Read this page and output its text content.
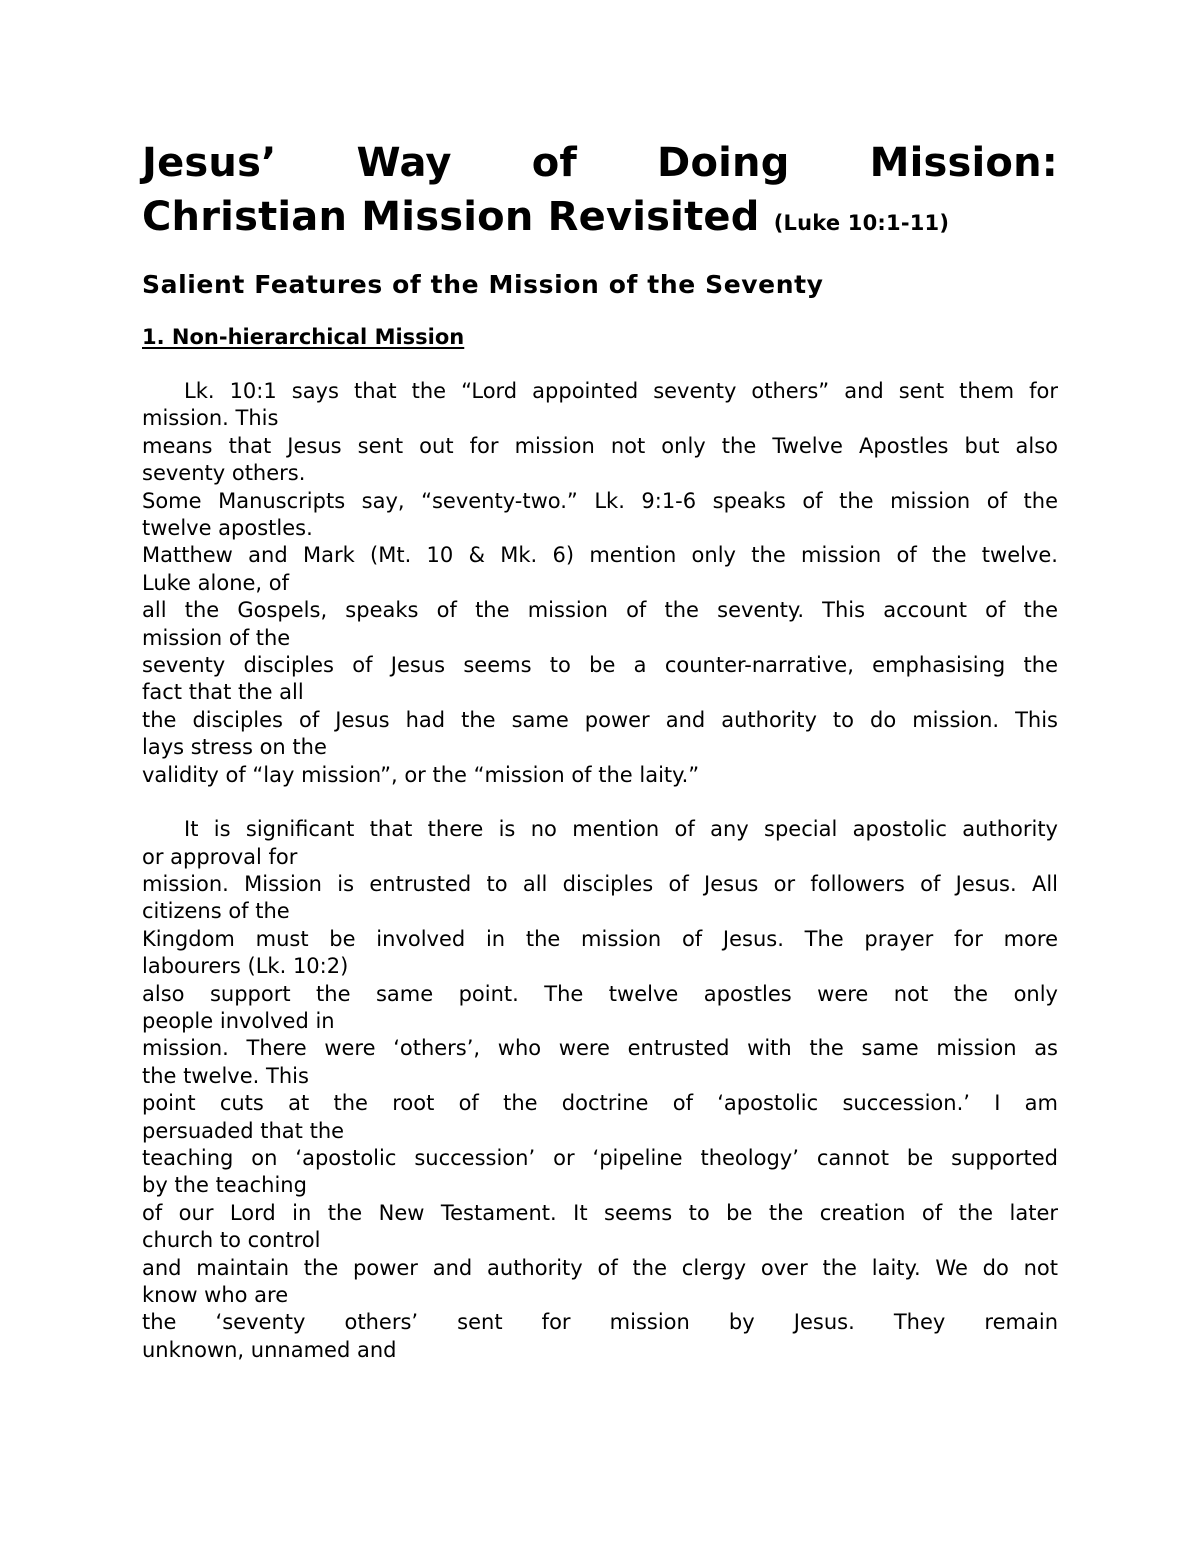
Jesus’ Way of Doing Mission:
Christian Mission Revisited (Luke 10:1-11)
Salient Features of the Mission of the Seventy
1. Non-hierarchical Mission

Lk. 10:1 says that the “Lord appointed seventy others” and sent them for
mission. This
means that Jesus sent out for mission not only the Twelve Apostles but also
seventy others.
Some Manuscripts say, “seventy-two.” Lk. 9:1-6 speaks of the mission of the
twelve apostles.
Matthew and Mark (Mt. 10 & Mk. 6) mention only the mission of the twelve.
Luke alone, of
all the Gospels, speaks of the mission of the seventy. This account of the
mission of the
seventy disciples of Jesus seems to be a counter-narrative, emphasising the
fact that the all
the disciples of Jesus had the same power and authority to do mission. This
lays stress on the
validity of “lay mission”, or the “mission of the laity.”

It is significant that there is no mention of any special apostolic authority
or approval for
mission. Mission is entrusted to all disciples of Jesus or followers of Jesus. All
citizens of the
Kingdom must be involved in the mission of Jesus. The prayer for more
labourers (Lk. 10:2)
also support the same point. The twelve apostles were not the only
people involved in
mission. There were ‘others’, who were entrusted with the same mission as
the twelve. This
point cuts at the root of the doctrine of ‘apostolic succession.’ I am
persuaded that the
teaching on ‘apostolic succession’ or ‘pipeline theology’ cannot be supported
by the teaching
of our Lord in the New Testament. It seems to be the creation of the later
church to control
and maintain the power and authority of the clergy over the laity. We do not
know who are
the ‘seventy others’ sent for mission by Jesus. They remain
unknown, unnamed and
